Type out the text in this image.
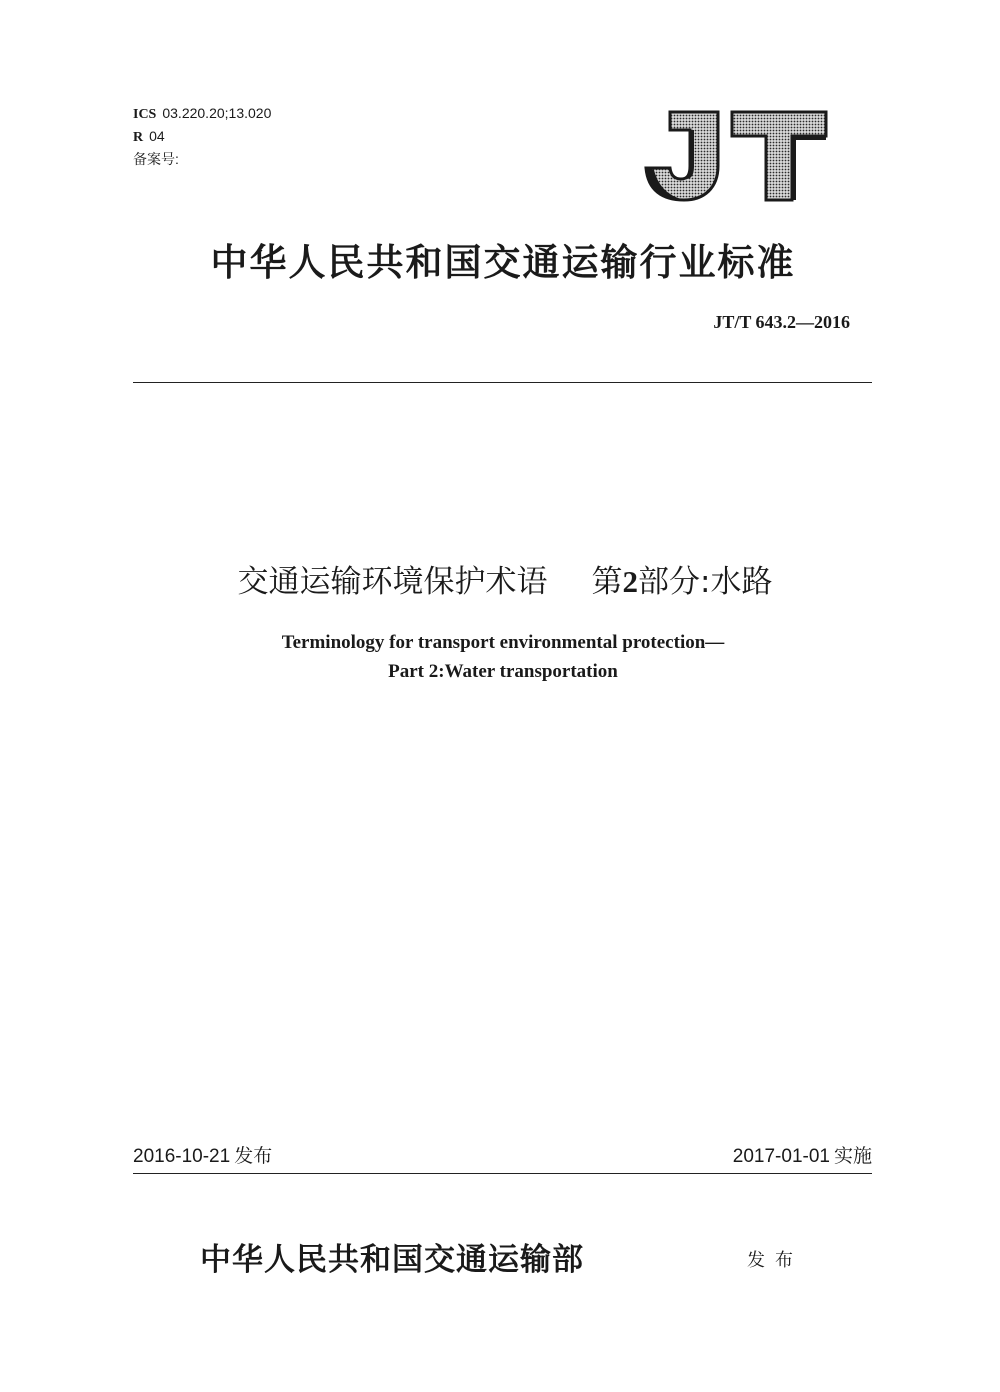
ICS 03.220.20;13.020
R 04
备案号:
中华人民共和国交通运输行业标准
JT/T 643.2—2016
交通运输环境保护术语 第2部分:水路
Terminology for transport environmental protection—
Part 2:Water transportation
2016-10-21 发布	2017-01-01 实施
中华人民共和国交通运输部	发布
